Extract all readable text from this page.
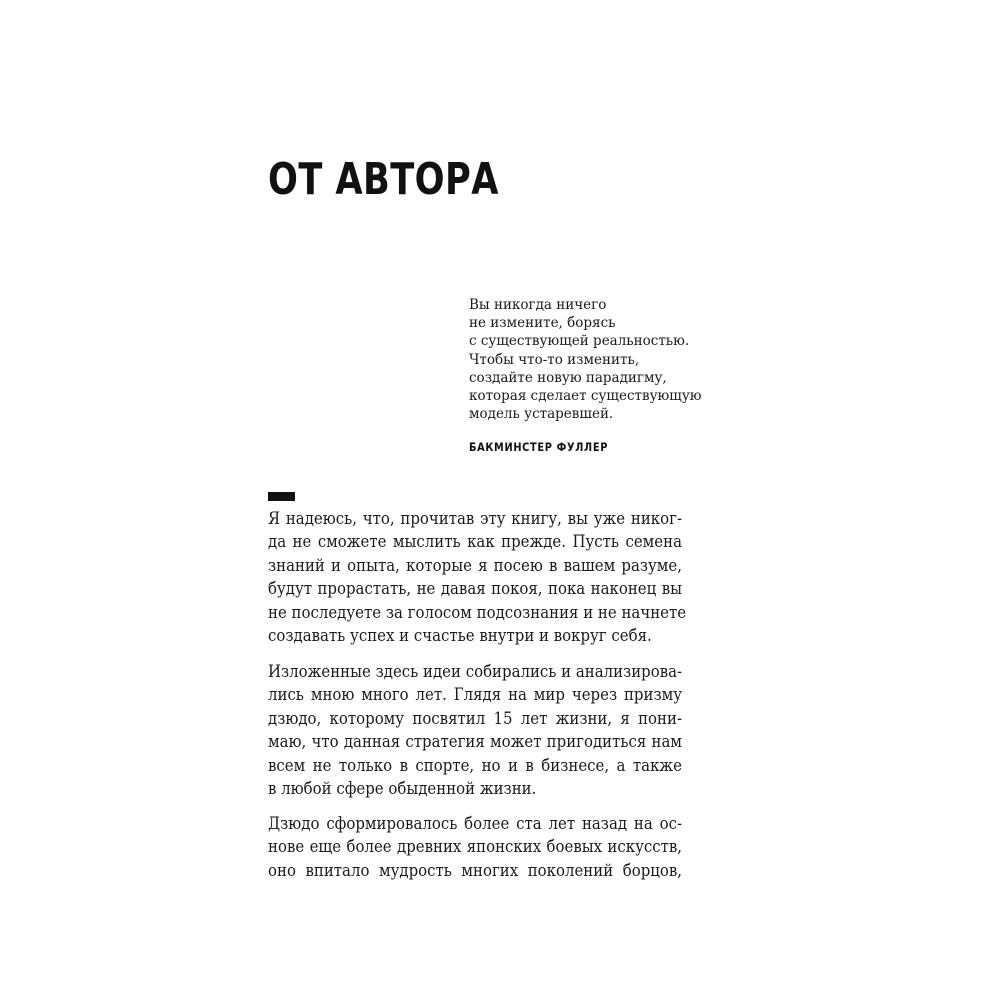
ОТ АВТОРА
Вы никогда ничего
не измените, борясь
с существующей реальностью.
Чтобы что-то изменить,
создайте новую парадигму,
которая сделает существующую
модель устаревшей.
БАКМИНСТЕР ФУЛЛЕР
Я надеюсь, что, прочитав эту книгу, вы уже никог-
да не сможете мыслить как прежде. Пусть семена
знаний и опыта, которые я посею в вашем разуме,
будут прорастать, не давая покоя, пока наконец вы
не последуете за голосом подсознания и не начнете
создавать успех и счастье внутри и вокруг себя.
Изложенные здесь идеи собирались и анализирова-
лись мною много лет. Глядя на мир через призму
дзюдо, которому посвятил 15 лет жизни, я пони-
маю, что данная стратегия может пригодиться нам
всем не только в спорте, но и в бизнесе, а также
в любой сфере обыденной жизни.
Дзюдо сформировалось более ста лет назад на ос-
нове еще более древних японских боевых искусств,
оно впитало мудрость многих поколений борцов,
